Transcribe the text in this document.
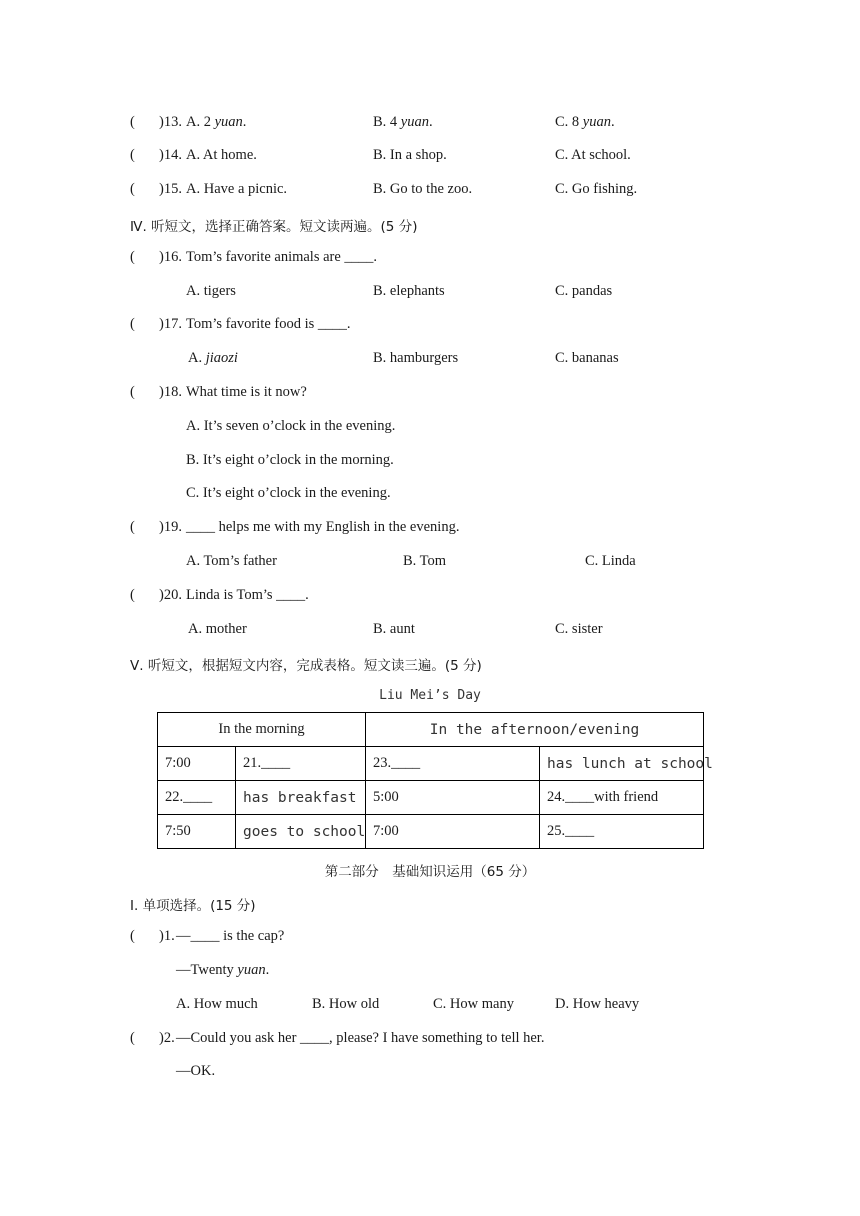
( )13. A. 2 yuan.	B. 4 yuan.	C. 8 yuan.
( )14. A. At home.	B. In a shop.	C. At school.
( )15. A. Have a picnic.	B. Go to the zoo.	C. Go fishing.
Ⅳ. 听短文，选择正确答案。短文读两遍。(5 分)
( )16. Tom’s favorite animals are ____.
A. tigers	B. elephants	C. pandas
( )17. Tom’s favorite food is ____.
A. jiaozi	B. hamburgers	C. bananas
( )18. What time is it now?
A. It’s seven o’clock in the evening.
B. It’s eight o’clock in the morning.
C. It’s eight o’clock in the evening.
( )19. ____ helps me with my English in the evening.
A. Tom’s father	B. Tom	C. Linda
( )20. Linda is Tom’s ____.
A. mother	B. aunt	C. sister
Ⅴ. 听短文，根据短文内容，完成表格。短文读三遍。(5 分)
Liu Mei’s Day
In the morning		In the afternoon/evening	
7:00	21.____	23.____	has lunch at school
22.____	has breakfast	5:00	24.____with friend
7:50	goes to school	7:00	25.____
第二部分　基础知识运用（65 分）
Ⅰ. 单项选择。(15 分)
( )1. —____ is the cap?
—Twenty yuan.
A. How much	B. How old	C. How many	D. How heavy
( )2. —Could you ask her ____, please? I have something to tell her.
—OK.
